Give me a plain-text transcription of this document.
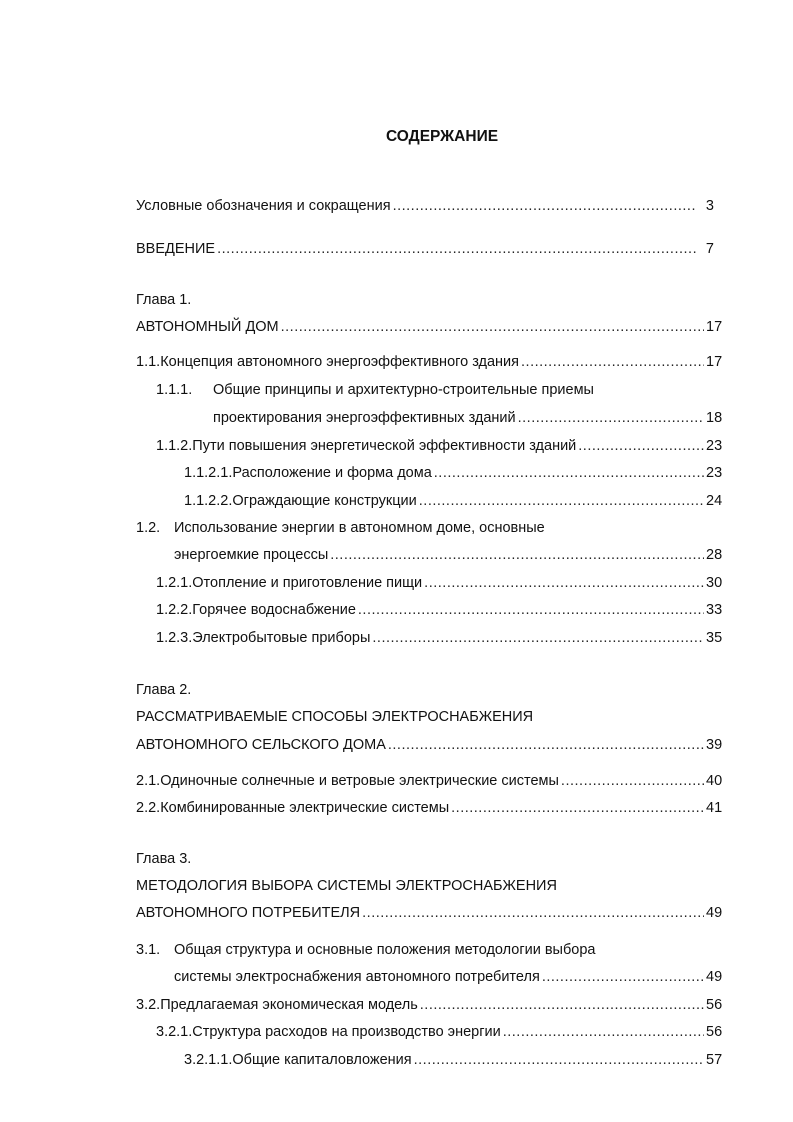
СОДЕРЖАНИЕ
Условные обозначения и сокращения .....	3
ВВЕДЕНИЕ .....	7
Глава 1.
АВТОНОМНЫЙ ДОМ .....	17
1.1. Концепция автономного энергоэффективного здания .....	17
1.1.1. Общие принципы и архитектурно-строительные приемы
проектирования энергоэффективных зданий .....	18
1.1.2. Пути повышения энергетической эффективности зданий .....	23
1.1.2.1. Расположение и форма дома .....	23
1.1.2.2. Ограждающие конструкции .....	24
1.2. Использование энергии в автономном доме, основные
энергоемкие процессы .....	28
1.2.1. Отопление и приготовление пищи .....	30
1.2.2. Горячее водоснабжение .....	33
1.2.3. Электробытовые приборы .....	35
Глава 2.
РАССМАТРИВАЕМЫЕ СПОСОБЫ ЭЛЕКТРОСНАБЖЕНИЯ
АВТОНОМНОГО СЕЛЬСКОГО ДОМА .....	39
2.1. Одиночные солнечные и ветровые электрические системы .....	40
2.2. Комбинированные электрические системы .....	41
Глава 3.
МЕТОДОЛОГИЯ ВЫБОРА СИСТЕМЫ ЭЛЕКТРОСНАБЖЕНИЯ
АВТОНОМНОГО ПОТРЕБИТЕЛЯ .....	49
3.1. Общая структура и основные положения методологии выбора
системы электроснабжения автономного потребителя .....	49
3.2. Предлагаемая экономическая модель .....	56
3.2.1. Структура расходов на производство энергии .....	56
3.2.1.1. Общие капиталовложения .....	57
